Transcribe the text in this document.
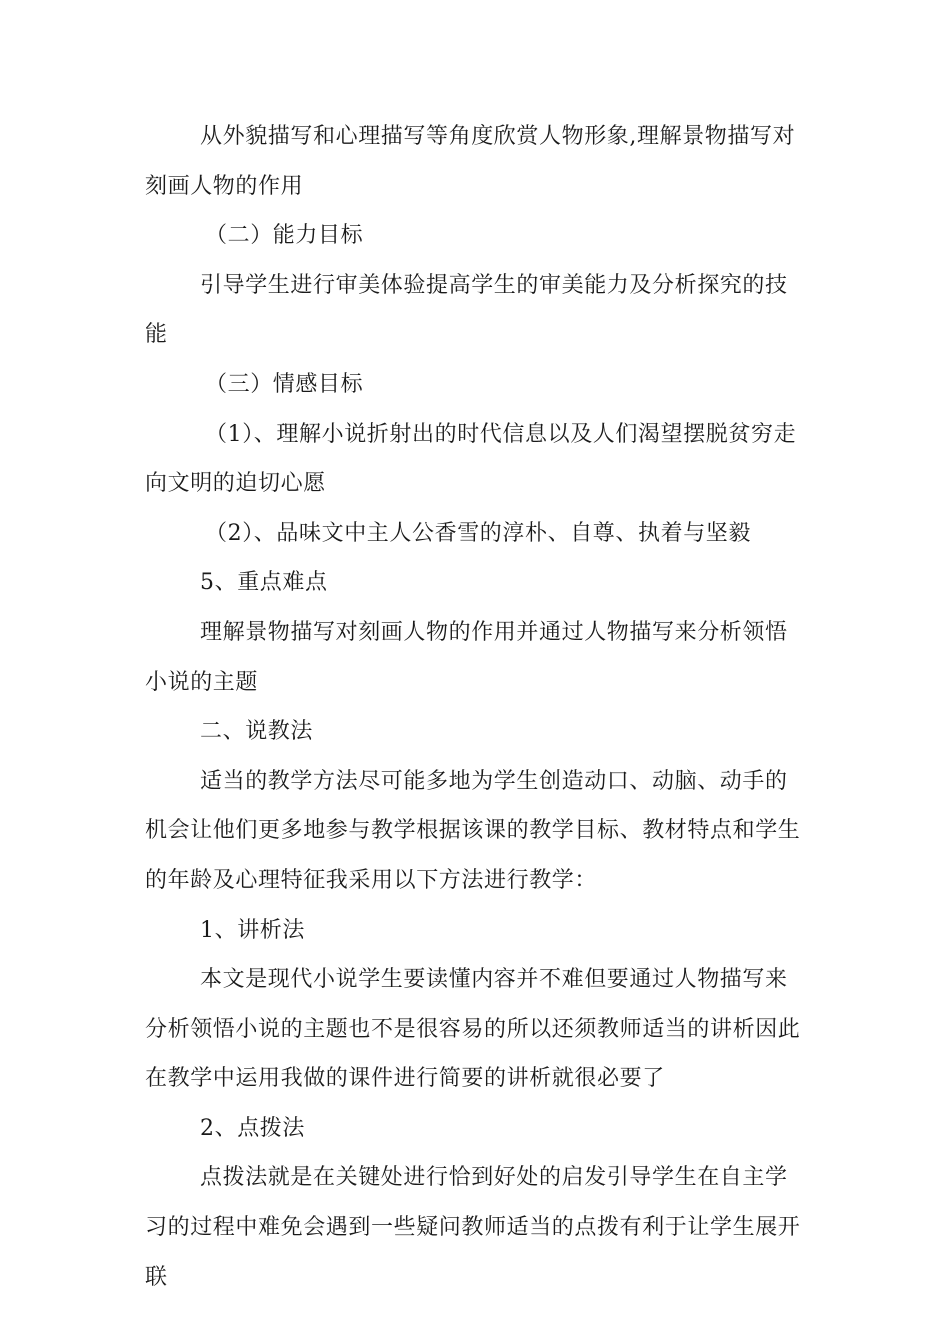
从外貌描写和心理描写等角度欣赏人物形象,理解景物描写对刻画人物的作用

（二）能力目标

引导学生进行审美体验提高学生的审美能力及分析探究的技能

（三）情感目标

（1）、理解小说折射出的时代信息以及人们渴望摆脱贫穷走向文明的迫切心愿

（2）、品味文中主人公香雪的淳朴、自尊、执着与坚毅

5、重点难点

理解景物描写对刻画人物的作用并通过人物描写来分析领悟小说的主题

二、说教法

适当的教学方法尽可能多地为学生创造动口、动脑、动手的机会让他们更多地参与教学根据该课的教学目标、教材特点和学生的年龄及心理特征我采用以下方法进行教学：

1、讲析法

本文是现代小说学生要读懂内容并不难但要通过人物描写来分析领悟小说的主题也不是很容易的所以还须教师适当的讲析因此在教学中运用我做的课件进行简要的讲析就很必要了

2、点拨法

点拨法就是在关键处进行恰到好处的启发引导学生在自主学习的过程中难免会遇到一些疑问教师适当的点拨有利于让学生展开联
